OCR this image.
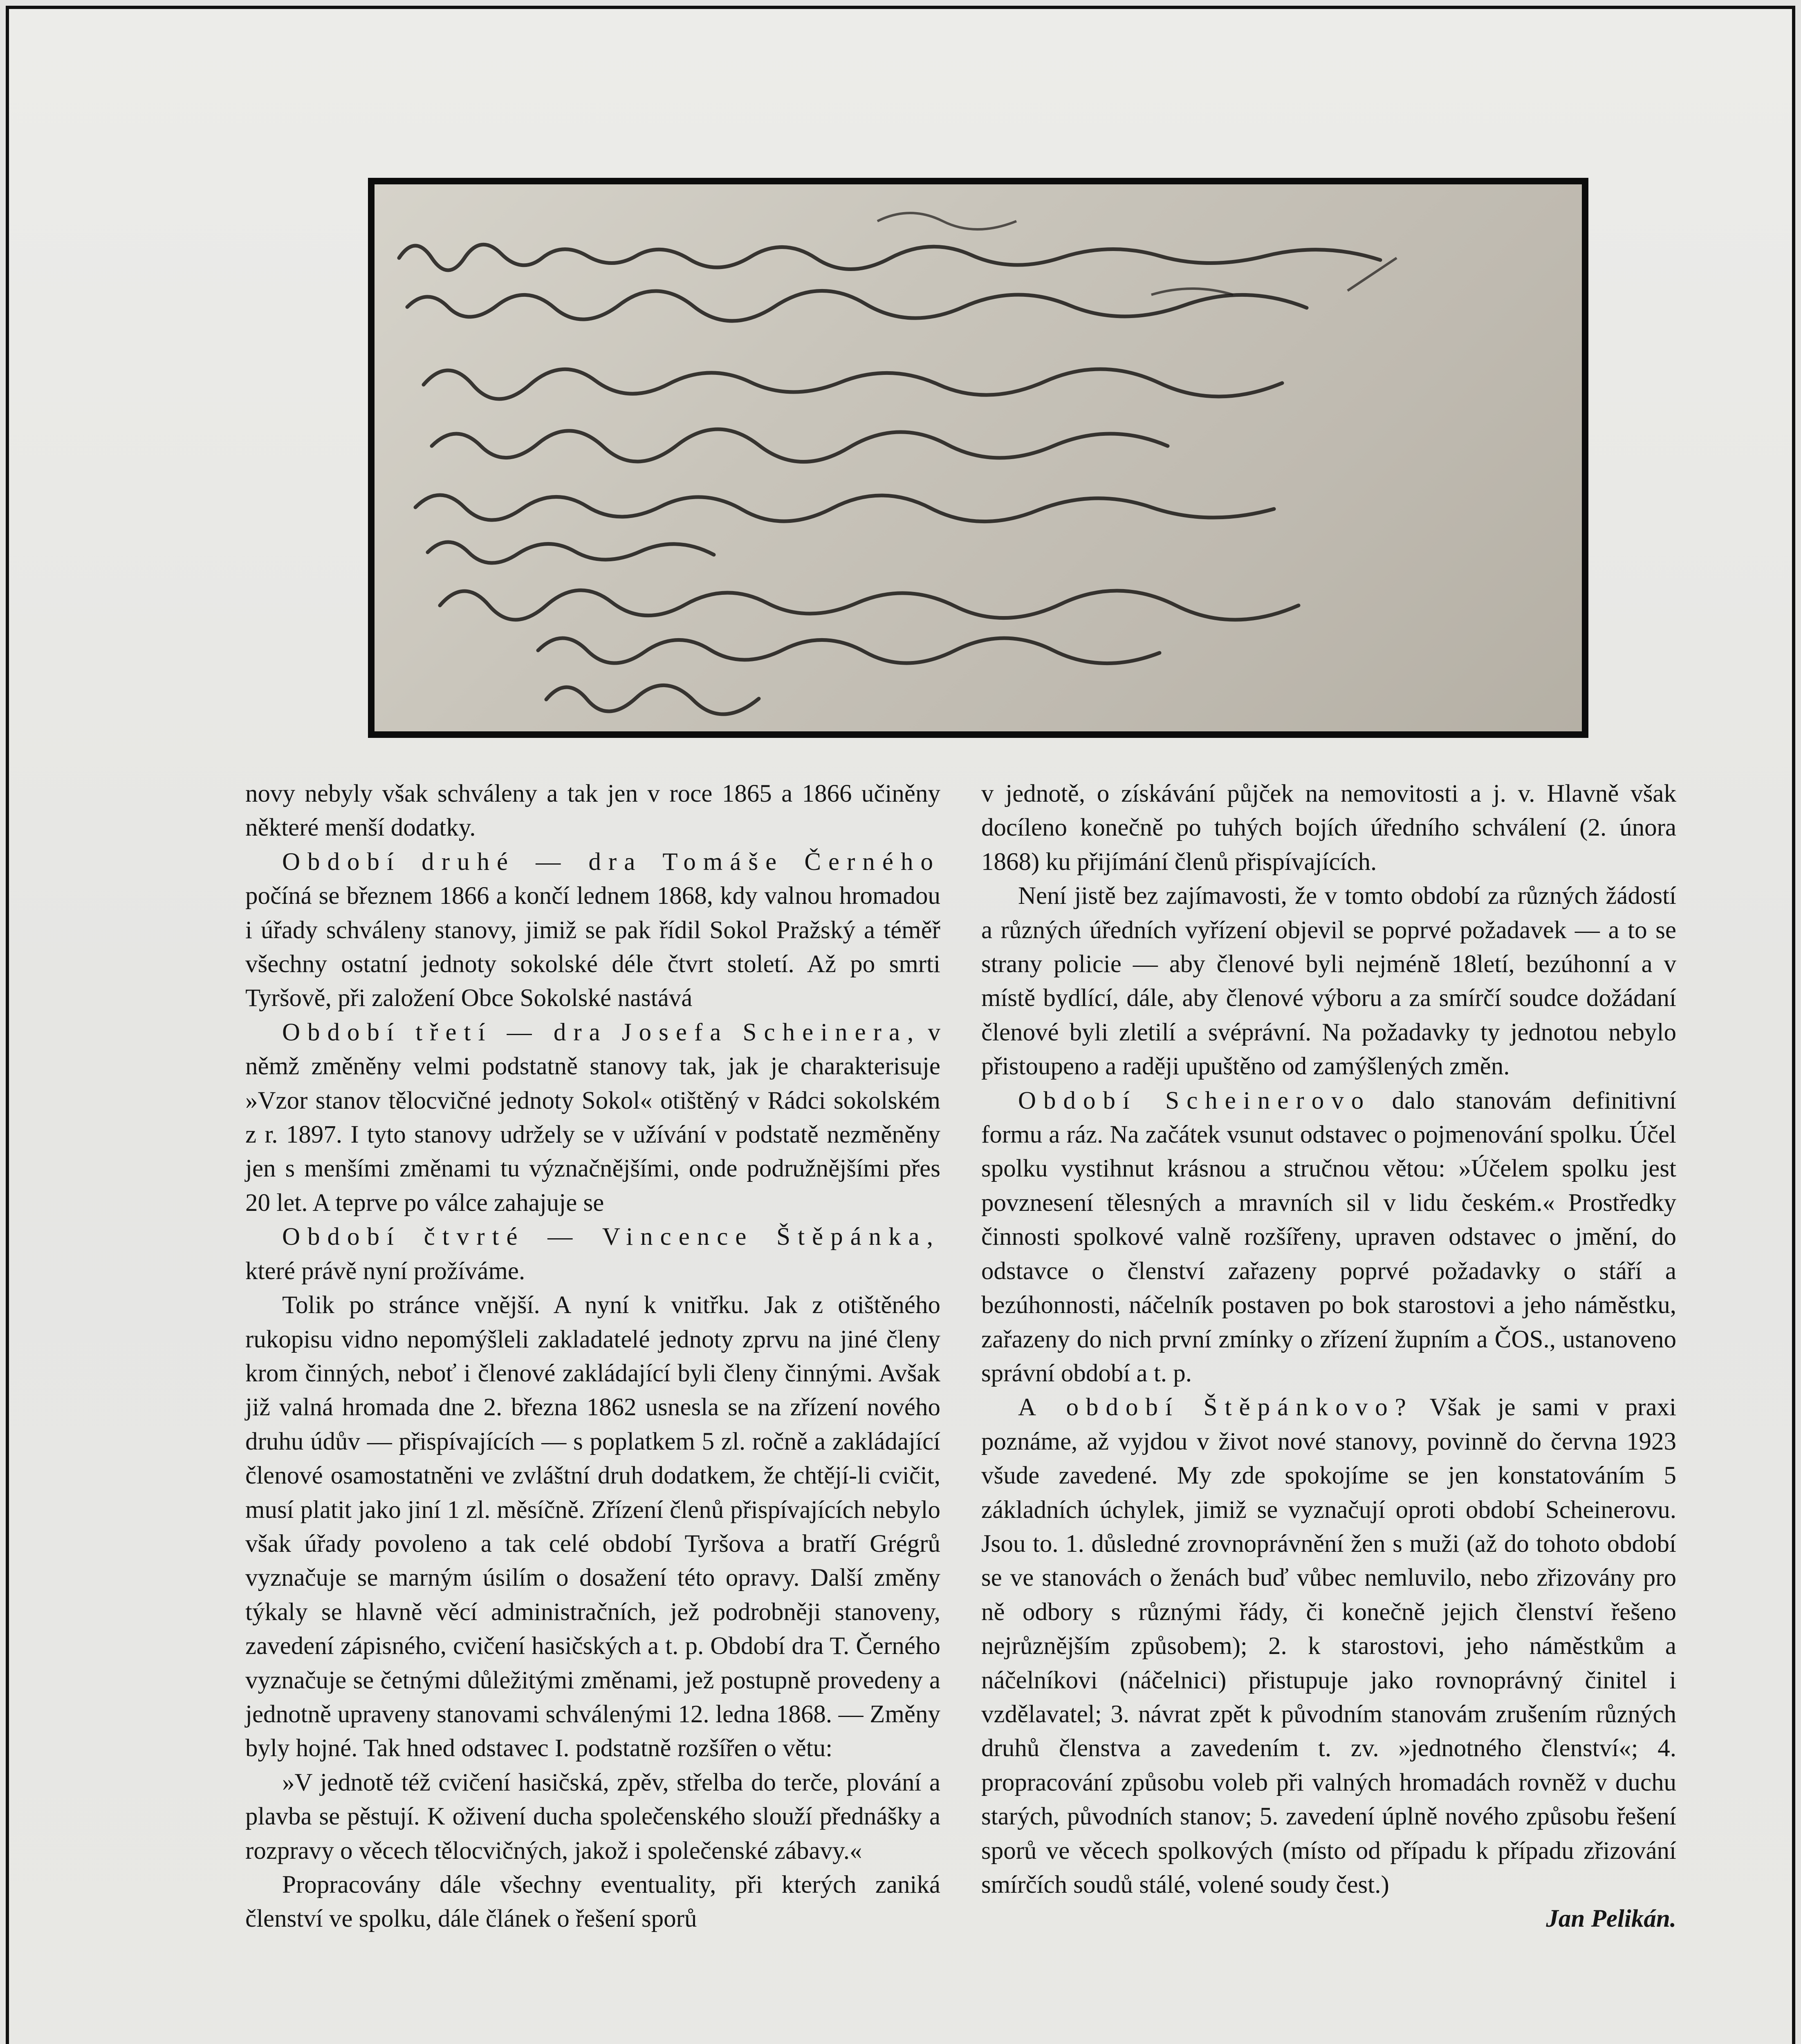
novy nebyly však schváleny a tak jen v roce 1865 a 1866 učiněny některé menší dodatky.

Období druhé — dra Tomáše Černého počíná se březnem 1866 a končí lednem 1868, kdy valnou hromadou i úřady schváleny stanovy, jimiž se pak řídil Sokol Pražský a téměř všechny ostatní jednoty sokolské déle čtvrt století. Až po smrti Tyršově, při založení Obce Sokolské nastává

Období třetí — dra Josefa Scheinera, v němž změněny velmi podstatně stanovy tak, jak je charakterisuje »Vzor stanov tělocvičné jednoty Sokol« otištěný v Rádci sokolském z r. 1897. I tyto stanovy udržely se v užívání v podstatě nezměněny jen s menšími změnami tu význačnějšími, onde podružnějšími přes 20 let. A teprve po válce zahajuje se

Období čtvrté — Vincence Štěpánka, které právě nyní prožíváme.

Tolik po stránce vnější. A nyní k vnitřku. Jak z otištěného rukopisu vidno nepomýšleli zakladatelé jednoty zprvu na jiné členy krom činných, neboť i členové zakládající byli členy činnými. Avšak již valná hromada dne 2. března 1862 usnesla se na zřízení nového druhu údův — přispívajících — s poplatkem 5 zl. ročně a zakládající členové osamostatněni ve zvláštní druh dodatkem, že chtějí-li cvičit, musí platit jako jiní 1 zl. měsíčně. Zřízení členů přispívajících nebylo však úřady povoleno a tak celé období Tyršova a bratří Grégrů vyznačuje se marným úsilím o dosažení této opravy. Další změny týkaly se hlavně věcí administračních, jež podrobněji stanoveny, zavedení zápisného, cvičení hasičských a t. p. Období dra T. Černého vyznačuje se četnými důležitými změnami, jež postupně provedeny a jednotně upraveny stanovami schválenými 12. ledna 1868. — Změny byly hojné. Tak hned odstavec I. podstatně rozšířen o větu:

»V jednotě též cvičení hasičská, zpěv, střelba do terče, plování a plavba se pěstují. K oživení ducha společenského slouží přednášky a rozpravy o věcech tělocvičných, jakož i společenské zábavy.«

Propracovány dále všechny eventuality, při kterých zaniká členství ve spolku, dále článek o řešení sporů

v jednotě, o získávání půjček na nemovitosti a j. v. Hlavně však docíleno konečně po tuhých bojích úředního schválení (2. února 1868) ku přijímání členů přispívajících.

Není jistě bez zajímavosti, že v tomto období za různých žádostí a různých úředních vyřízení objevil se poprvé požadavek — a to se strany policie — aby členové byli nejméně 18letí, bezúhonní a v místě bydlící, dále, aby členové výboru a za smírčí soudce dožádaní členové byli zletilí a svéprávní. Na požadavky ty jednotou nebylo přistoupeno a raději upuštěno od zamýšlených změn.

Období Scheinerovo dalo stanovám definitivní formu a ráz. Na začátek vsunut odstavec o pojmenování spolku. Účel spolku vystihnut krásnou a stručnou větou: »Účelem spolku jest povznesení tělesných a mravních sil v lidu českém.« Prostředky činnosti spolkové valně rozšířeny, upraven odstavec o jmění, do odstavce o členství zařazeny poprvé požadavky o stáří a bezúhonnosti, náčelník postaven po bok starostovi a jeho náměstku, zařazeny do nich první zmínky o zřízení župním a ČOS., ustanoveno správní období a t. p.

A období Štěpánkovo? Však je sami v praxi poznáme, až vyjdou v život nové stanovy, povinně do června 1923 všude zavedené. My zde spokojíme se jen konstatováním 5 základních úchylek, jimiž se vyznačují oproti období Scheinerovu. Jsou to. 1. důsledné zrovnoprávnění žen s muži (až do tohoto období se ve stanovách o ženách buď vůbec nemluvilo, nebo zřizovány pro ně odbory s různými řády, či konečně jejich členství řešeno nejrůznějším způsobem); 2. k starostovi, jeho náměstkům a náčelníkovi (náčelnici) přistupuje jako rovnoprávný činitel i vzdělavatel; 3. návrat zpět k původním stanovám zrušením různých druhů členstva a zavedením t. zv. »jednotného členství«; 4. propracování způsobu voleb při valných hromadách rovněž v duchu starých, původních stanov; 5. zavedení úplně nového způsobu řešení sporů ve věcech spolkových (místo od případu k případu zřizování smírčích soudů stálé, volené soudy čest.)

Jan Pelikán.
